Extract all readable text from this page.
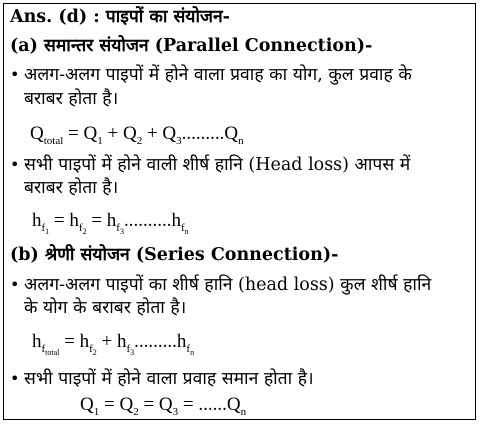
Ans. (d) : पाइपों का संयोजन-
(a) समान्तर संयोजन (Parallel Connection)-
• अलग-अलग पाइपों में होने वाला प्रवाह का योग, कुल प्रवाह के
बराबर होता है।
$Q_{total} = Q_1 + Q_2 + Q_3.........Q_n$
• सभी पाइपों में होने वाली शीर्ष हानि (Head loss) आपस में
बराबर होता है।
$h_{f_1} = h_{f_2} = h_{f_3}..........h_{f_n}$
(b) श्रेणी संयोजन (Series Connection)-
• अलग-अलग पाइपों का शीर्ष हानि (head loss) कुल शीर्ष हानि
के योग के बराबर होता है।
$h_{f_{total}} = h_{f_2} + h_{f_3}.........h_{f_n}$
• सभी पाइपों में होने वाला प्रवाह समान होता है।
$Q_1 = Q_2 = Q_3 = ......Q_n$
